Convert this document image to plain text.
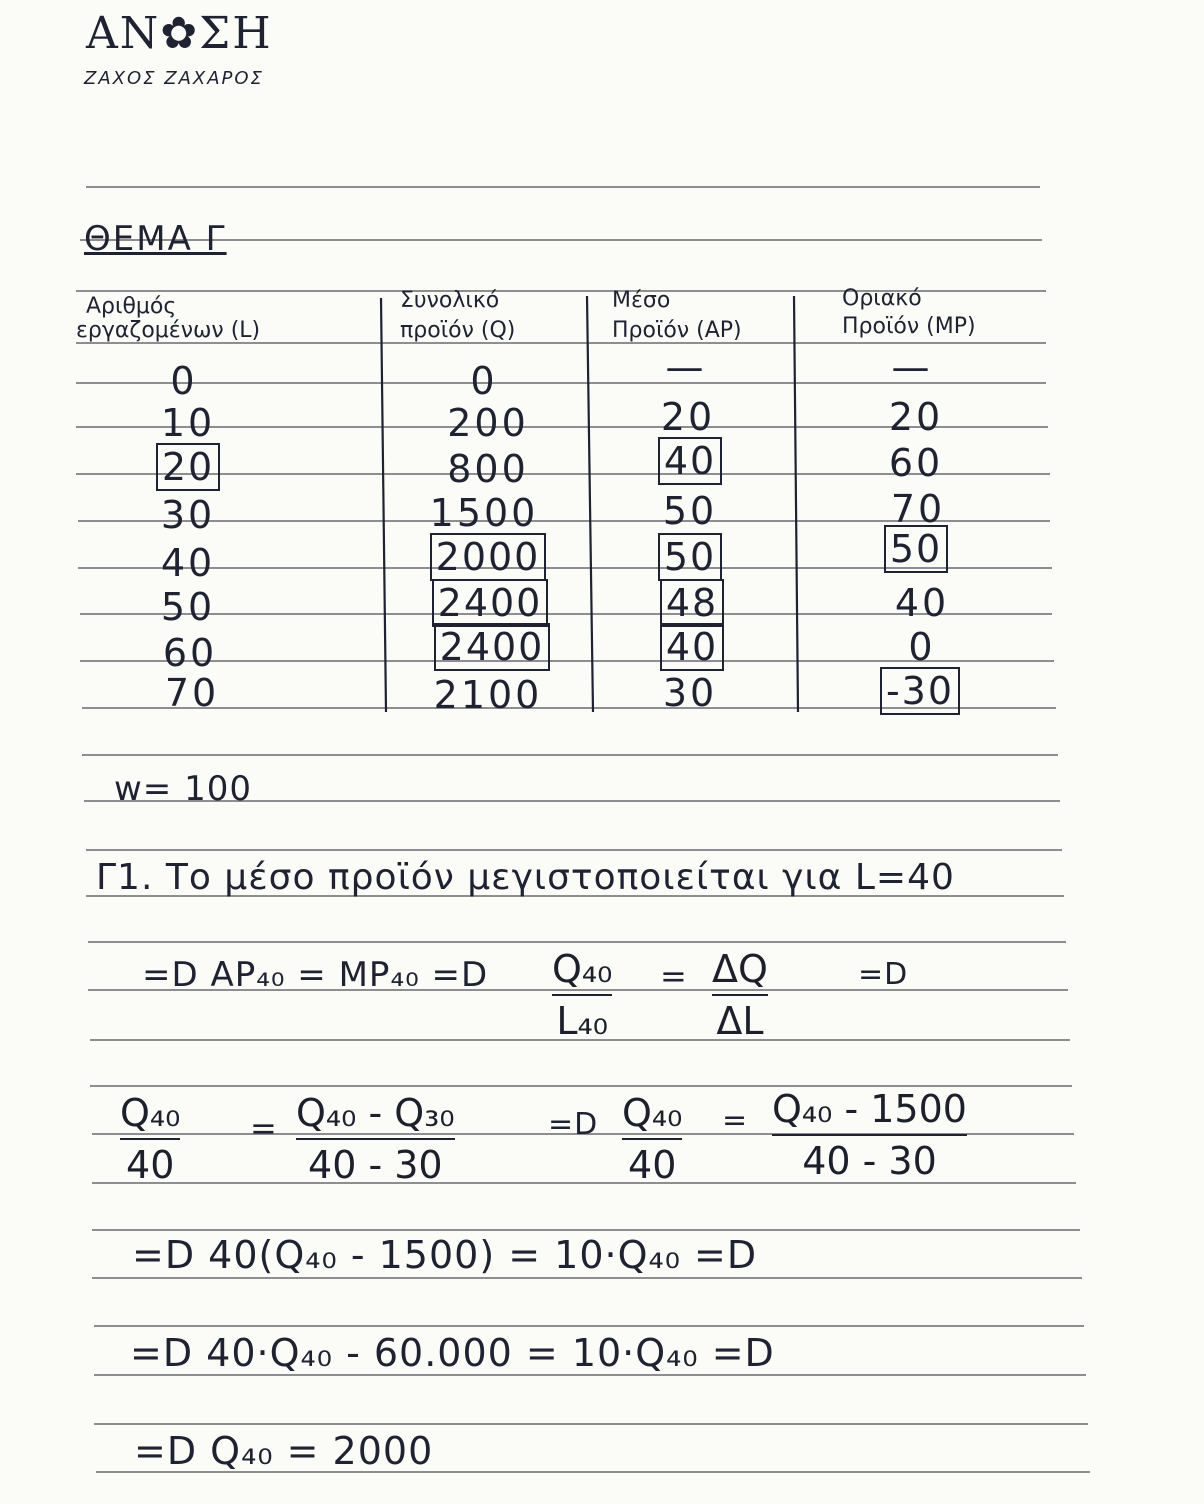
ΑΝ✿ΣΗ
ΖΑΧΟΣ ΖΑΧΑΡΟΣ
ΘΕΜΑ Γ
Αριθμός
εργαζομένων (L)
Συνολικό
προϊόν (Q)
Μέσο
Προϊόν (AP)
Οριακό
Προϊόν (MP)
0	0	—	—
10	200	20	20
20	800	40	60
30	1500	50	70
40	2000	50	50
50	2400	48	40
60	2400	40	0
70	2100	30	-30
w= 100
Γ1. Το μέσο προϊόν μεγιστοποιείται για L=40
=D AP₄₀ = MP₄₀ =D Q₄₀
L₄₀
= ΔQ
ΔL
=D
Q₄₀
40
= Q₄₀ - Q₃₀
40 - 30
=D Q₄₀
40
= Q₄₀ - 1500
40 - 30
=D 40(Q₄₀ - 1500) = 10·Q₄₀ =D
=D 40·Q₄₀ - 60.000 = 10·Q₄₀ =D
=D Q₄₀ = 2000
